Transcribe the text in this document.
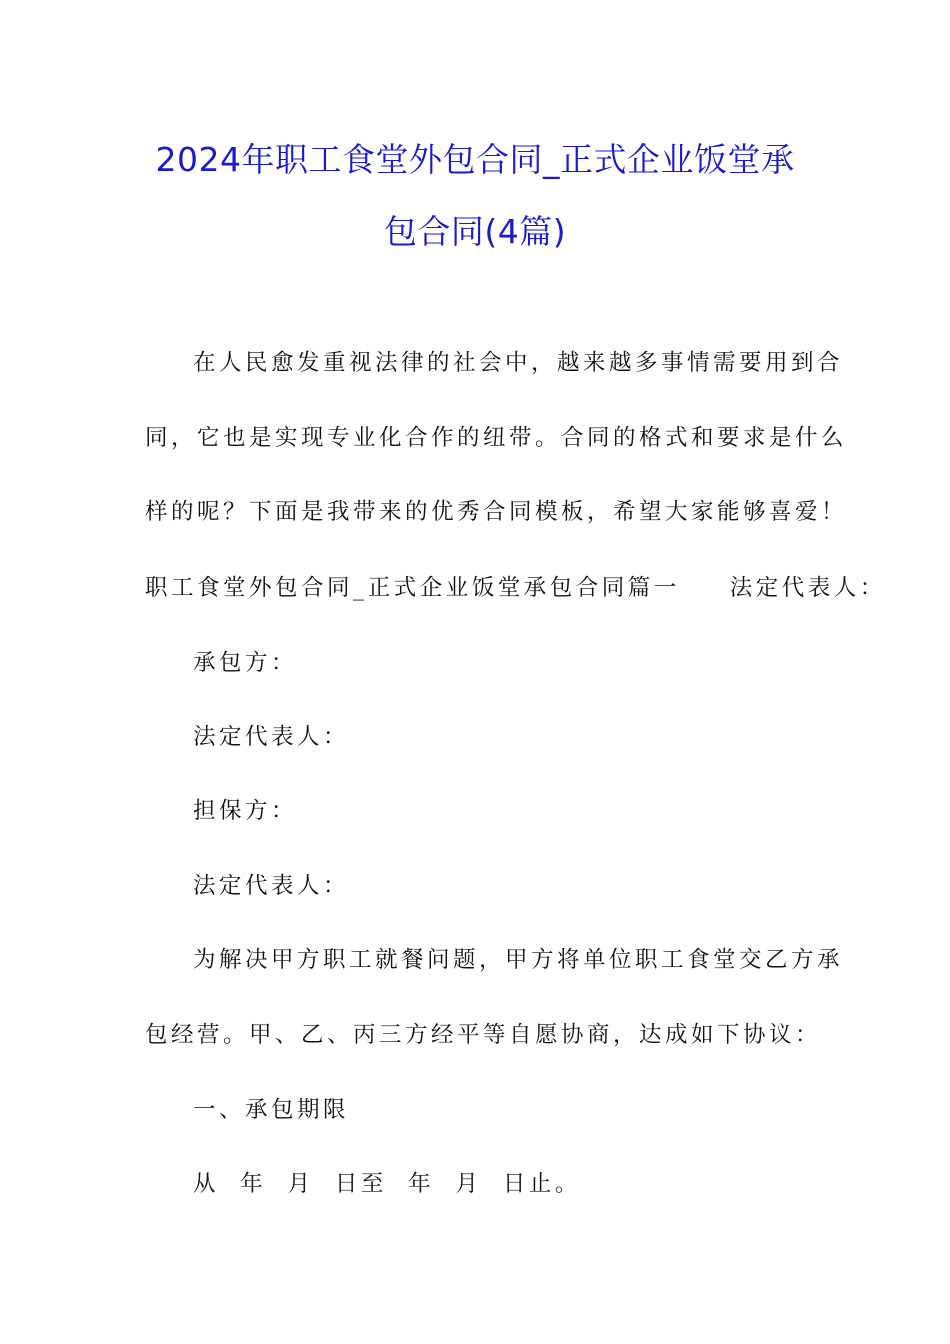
2024年职工食堂外包合同_正式企业饭堂承
包合同(4篇)
在人民愈发重视法律的社会中，越来越多事情需要用到合
同，它也是实现专业化合作的纽带。合同的格式和要求是什么
样的呢？下面是我带来的优秀合同模板，希望大家能够喜爱！
职工食堂外包合同_正式企业饭堂承包合同篇一 法定代表人：
承包方：
法定代表人：
担保方：
法定代表人：
为解决甲方职工就餐问题，甲方将单位职工食堂交乙方承
包经营。甲、乙、丙三方经平等自愿协商，达成如下协议：
一、承包期限
从  年  月  日至  年  月  日止。
